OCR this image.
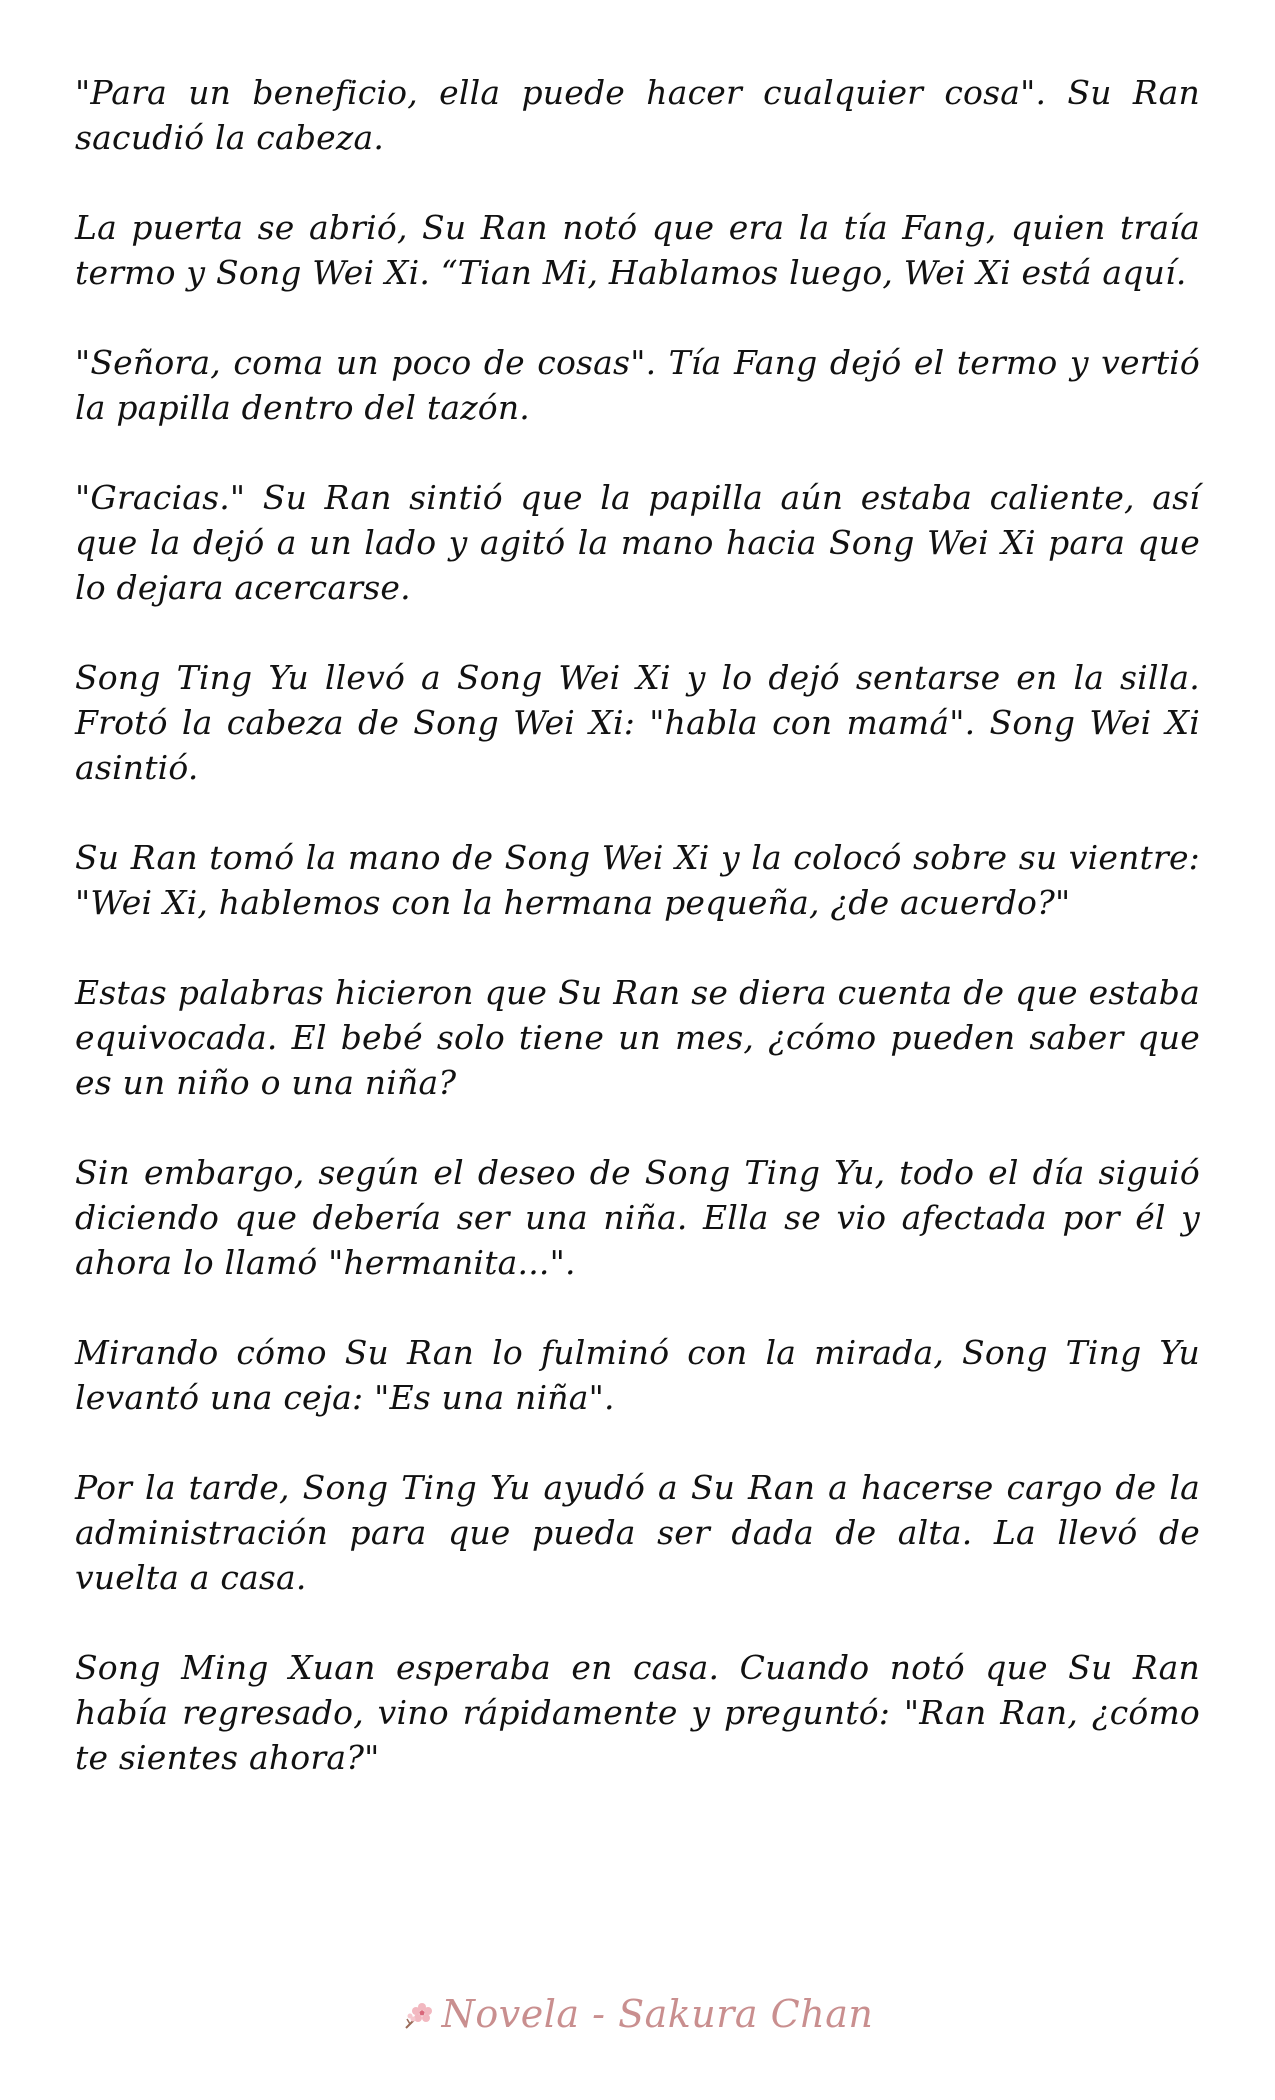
"Para un beneficio, ella puede hacer cualquier cosa". Su Ran sacudió la cabeza.

La puerta se abrió, Su Ran notó que era la tía Fang, quien traía termo y Song Wei Xi. “Tian Mi, Hablamos luego, Wei Xi está aquí.

"Señora, coma un poco de cosas". Tía Fang dejó el termo y vertió la papilla dentro del tazón.

"Gracias." Su Ran sintió que la papilla aún estaba caliente, así que la dejó a un lado y agitó la mano hacia Song Wei Xi para que lo dejara acercarse.

Song Ting Yu llevó a Song Wei Xi y lo dejó sentarse en la silla. Frotó la cabeza de Song Wei Xi: "habla con mamá". Song Wei Xi asintió.

Su Ran tomó la mano de Song Wei Xi y la colocó sobre su vientre: "Wei Xi, hablemos con la hermana pequeña, ¿de acuerdo?"

Estas palabras hicieron que Su Ran se diera cuenta de que estaba equivocada. El bebé solo tiene un mes, ¿cómo pueden saber que es un niño o una niña?

Sin embargo, según el deseo de Song Ting Yu, todo el día siguió diciendo que debería ser una niña. Ella se vio afectada por él y ahora lo llamó "hermanita...".

Mirando cómo Su Ran lo fulminó con la mirada, Song Ting Yu levantó una ceja: "Es una niña".

Por la tarde, Song Ting Yu ayudó a Su Ran a hacerse cargo de la administración para que pueda ser dada de alta. La llevó de vuelta a casa.

Song Ming Xuan esperaba en casa. Cuando notó que Su Ran había regresado, vino rápidamente y preguntó: "Ran Ran, ¿cómo te sientes ahora?"

Novela - Sakura Chan
